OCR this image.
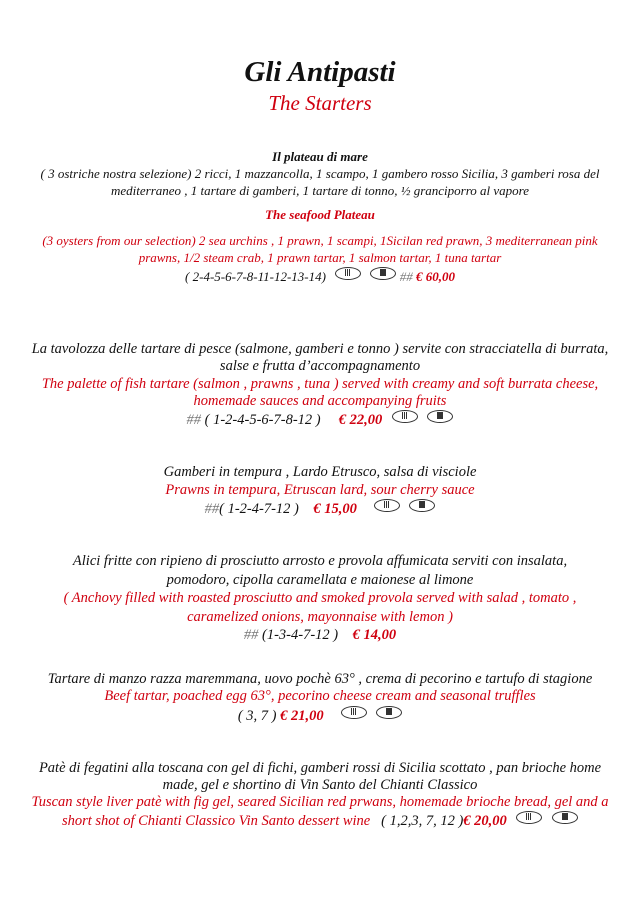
Gli Antipasti
The Starters
Il plateau di mare
( 3 ostriche nostra selezione) 2 ricci, 1 mazzancolla, 1 scampo, 1 gambero rosso Sicilia, 3 gamberi rosa del
mediterraneo , 1 tartare di gamberi, 1 tartare di tonno, ½ granciporro al vapore
The seafood Plateau
(3 oysters from our selection) 2 sea urchins , 1 prawn, 1 scampi, 1Sicilan red prawn, 3 mediterranean pink
prawns, 1/2 steam crab, 1 prawn tartar, 1 salmon tartar, 1 tuna tartar
( 2-4-5-6-7-8-11-12-13-14)	## € 60,00
La tavolozza delle tartare di pesce (salmone, gamberi e tonno ) servite con stracciatella di burrata,
salse e frutta d’accompagnamento
The palette of fish tartare (salmon , prawns , tuna ) served with creamy and soft burrata cheese,
homemade sauces and accompanying fruits
## ( 1-2-4-5-6-7-8-12 ) € 22,00
Gamberi in tempura , Lardo Etrusco, salsa di visciole
Prawns in tempura, Etruscan lard, sour cherry sauce
##( 1-2-4-7-12 ) € 15,00
Alici fritte con ripieno di prosciutto arrosto e provola affumicata serviti con insalata,
pomodoro, cipolla caramellata e maionese al limone
( Anchovy filled with roasted prosciutto and smoked provola served with salad , tomato ,
caramelized onions, mayonnaise with lemon )
## (1-3-4-7-12 ) € 14,00
Tartare di manzo razza maremmana, uovo pochè 63° , crema di pecorino e tartufo di stagione
Beef tartar, poached egg 63°, pecorino cheese cream and seasonal truffles
( 3, 7 ) € 21,00
Patè di fegatini alla toscana con gel di fichi, gamberi rossi di Sicilia scottato , pan brioche home
made, gel e shortino di Vin Santo del Chianti Classico
Tuscan style liver patè with fig gel, seared Sicilian red prwans, homemade brioche bread, gel and a
short shot of Chianti Classico Vin Santo dessert wine ( 1,2,3, 7, 12 )€ 20,00
